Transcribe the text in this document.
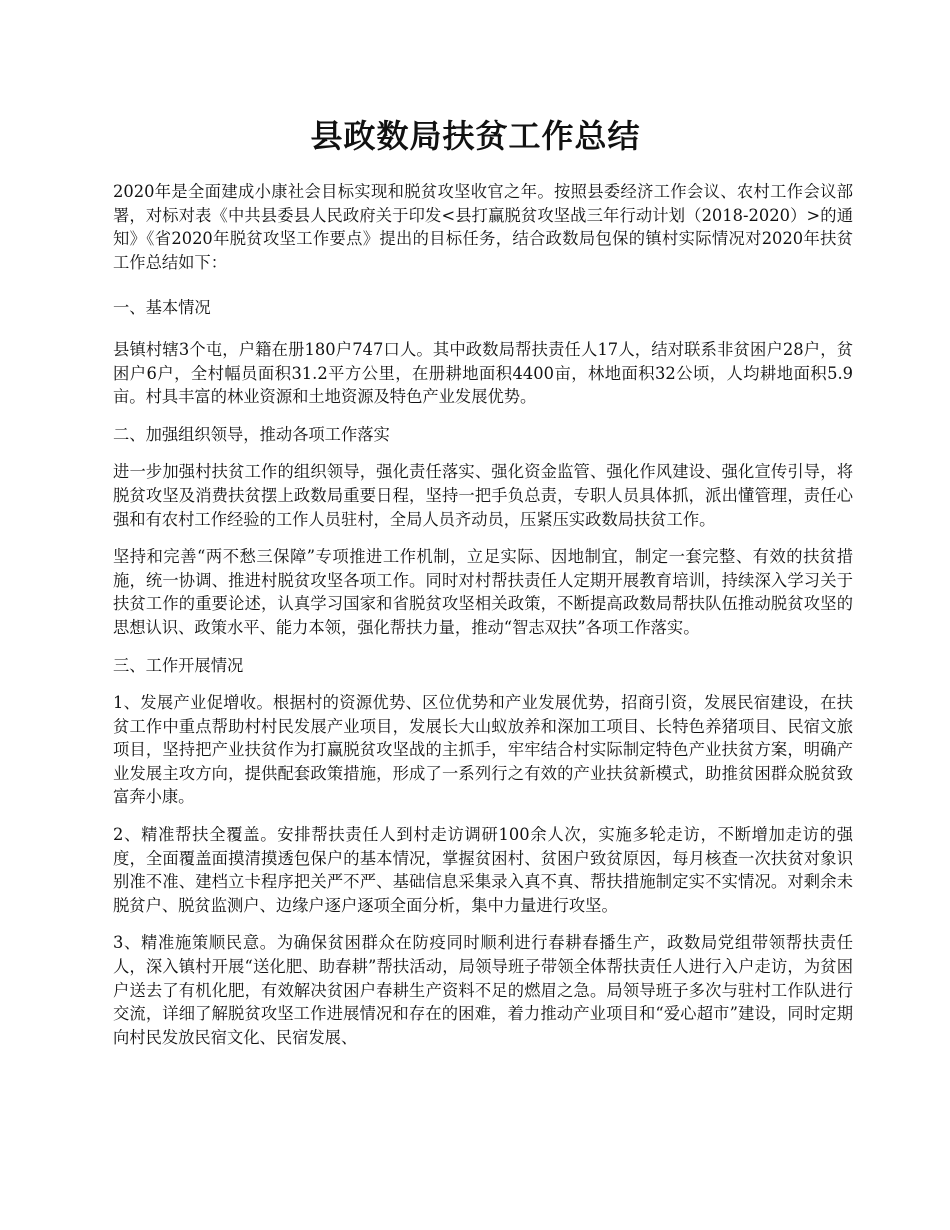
县政数局扶贫工作总结

2020年是全面建成小康社会目标实现和脱贫攻坚收官之年。按照县委经济工作会议、农村工作会议部署，对标对表《中共县委县人民政府关于印发<县打赢脱贫攻坚战三年行动计划（2018-2020）>的通知》《省2020年脱贫攻坚工作要点》提出的目标任务，结合政数局包保的镇村实际情况对2020年扶贫工作总结如下：

一、基本情况

县镇村辖3个屯，户籍在册180户747口人。其中政数局帮扶责任人17人，结对联系非贫困户28户，贫困户6户，全村幅员面积31.2平方公里，在册耕地面积4400亩，林地面积32公顷，人均耕地面积5.9亩。村具丰富的林业资源和土地资源及特色产业发展优势。

二、加强组织领导，推动各项工作落实

进一步加强村扶贫工作的组织领导，强化责任落实、强化资金监管、强化作风建设、强化宣传引导，将脱贫攻坚及消费扶贫摆上政数局重要日程，坚持一把手负总责，专职人员具体抓，派出懂管理，责任心强和有农村工作经验的工作人员驻村，全局人员齐动员，压紧压实政数局扶贫工作。

坚持和完善“两不愁三保障”专项推进工作机制，立足实际、因地制宜，制定一套完整、有效的扶贫措施，统一协调、推进村脱贫攻坚各项工作。同时对村帮扶责任人定期开展教育培训，持续深入学习关于扶贫工作的重要论述，认真学习国家和省脱贫攻坚相关政策，不断提高政数局帮扶队伍推动脱贫攻坚的思想认识、政策水平、能力本领，强化帮扶力量，推动“智志双扶”各项工作落实。

三、工作开展情况

1、发展产业促增收。根据村的资源优势、区位优势和产业发展优势，招商引资，发展民宿建设，在扶贫工作中重点帮助村村民发展产业项目，发展长大山蚁放养和深加工项目、长特色养猪项目、民宿文旅项目，坚持把产业扶贫作为打赢脱贫攻坚战的主抓手，牢牢结合村实际制定特色产业扶贫方案，明确产业发展主攻方向，提供配套政策措施，形成了一系列行之有效的产业扶贫新模式，助推贫困群众脱贫致富奔小康。

2、精准帮扶全覆盖。安排帮扶责任人到村走访调研100余人次，实施多轮走访，不断增加走访的强度，全面覆盖面摸清摸透包保户的基本情况，掌握贫困村、贫困户致贫原因，每月核查一次扶贫对象识别准不准、建档立卡程序把关严不严、基础信息采集录入真不真、帮扶措施制定实不实情况。对剩余未脱贫户、脱贫监测户、边缘户逐户逐项全面分析，集中力量进行攻坚。

3、精准施策顺民意。为确保贫困群众在防疫同时顺利进行春耕春播生产，政数局党组带领帮扶责任人，深入镇村开展“送化肥、助春耕”帮扶活动，局领导班子带领全体帮扶责任人进行入户走访，为贫困户送去了有机化肥，有效解决贫困户春耕生产资料不足的燃眉之急。局领导班子多次与驻村工作队进行交流，详细了解脱贫攻坚工作进展情况和存在的困难，着力推动产业项目和“爱心超市”建设，同时定期向村民发放民宿文化、民宿发展、
